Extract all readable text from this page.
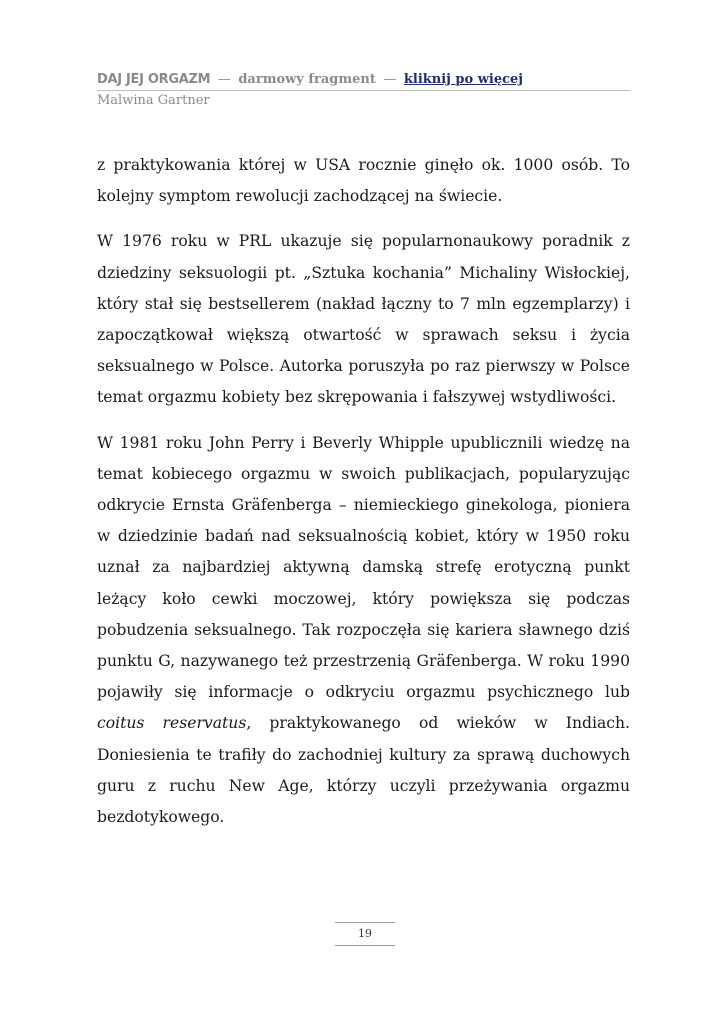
DAJ JEJ ORGAZM — darmowy fragment — kliknij po więcej
Malwina Gartner

z praktykowania której w USA rocznie ginęło ok. 1000 osób. To kolejny symptom rewolucji zachodzącej na świecie.

W 1976 roku w PRL ukazuje się popularnonaukowy poradnik z dziedziny seksuologii pt. „Sztuka kochania” Michaliny Wisłockiej, który stał się bestsellerem (nakład łączny to 7 mln egzemplarzy) i zapoczątkował większą otwartość w sprawach seksu i życia seksualnego w Polsce. Autorka poruszyła po raz pierwszy w Polsce temat orgazmu kobiety bez skrępowania i fałszywej wstydliwości.

W 1981 roku John Perry i Beverly Whipple upublicznili wiedzę na temat kobiecego orgazmu w swoich publikacjach, popularyzując odkrycie Ernsta Gräfenberga – niemieckiego ginekologa, pioniera w dziedzinie badań nad seksualnością kobiet, który w 1950 roku uznał za najbardziej aktywną damską strefę erotyczną punkt leżący koło cewki moczowej, który powiększa się podczas pobudzenia seksualnego. Tak rozpoczęła się kariera sławnego dziś punktu G, nazywanego też przestrzenią Gräfenberga. W roku 1990 pojawiły się informacje o odkryciu orgazmu psychicznego lub coitus reservatus, praktykowanego od wieków w Indiach. Doniesienia te trafiły do zachodniej kultury za sprawą duchowych guru z ruchu New Age, którzy uczyli przeżywania orgazmu bezdotykowego.

19
